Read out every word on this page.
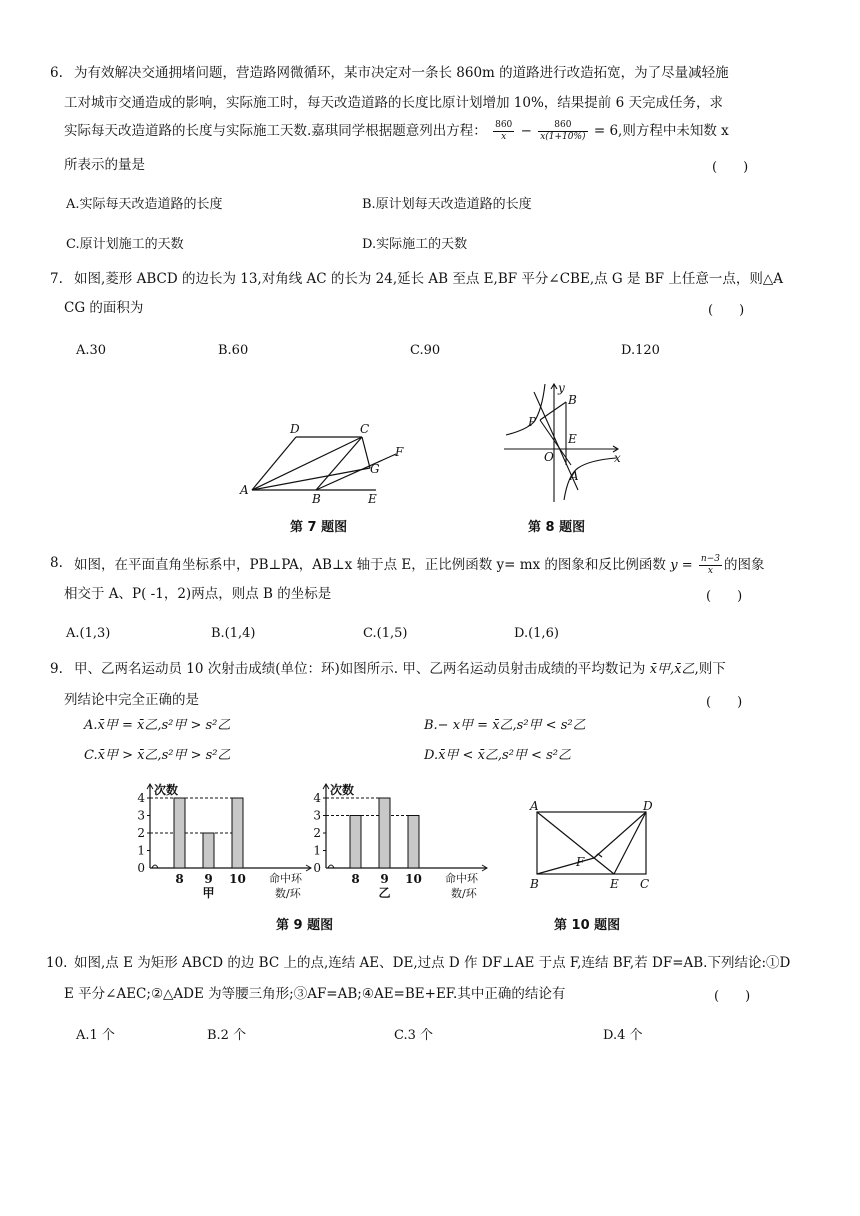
6. 为有效解决交通拥堵问题，营造路网微循环，某市决定对一条长 860m 的道路进行改造拓宽，为了尽量减轻施
工对城市交通造成的影响，实际施工时，每天改造道路的长度比原计划增加 10%，结果提前 6 天完成任务，求
实际每天改造道路的长度与实际施工天数.嘉琪同学根据题意列出方程： $\frac{860}{x} - \frac{860}{x(1+10\%)} = 6$,则方程中未知数 x
所表示的量是	(　　)
A.实际每天改造道路的长度	B.原计划每天改造道路的长度
C.原计划施工的天数	D.实际施工的天数
7. 如图,菱形 ABCD 的边长为 13,对角线 AC 的长为 24,延长 AB 至点 E,BF 平分∠CBE,点 G 是 BF 上任意一点，则△A
CG 的面积为	(　　)
A.30	B.60	C.90	D.120
D	C
F
G
A
B	E
第 7 题图
y
B
P
E
O	x
A
第 8 题图
8. 如图，在平面直角坐标系中，PB⊥PA，AB⊥x 轴于点 E，正比例函数 y= mx 的图象和反比例函数 $y = \frac{n-3}{x}$ 的图象
相交于 A、P( -1，2)两点，则点 B 的坐标是	(　　)
A.(1,3)	B.(1,4)	C.(1,5)	D.(1,6)
9. 甲、乙两名运动员 10 次射击成绩(单位：环)如图所示. 甲、乙两名运动员射击成绩的平均数记为 x̄甲,x̄乙,则下
列结论中完全正确的是	(　　)
A.x̄甲 = x̄乙,s²甲 > s²乙	B.− x甲 = x̄乙,s²甲 < s²乙
C.x̄甲 > x̄乙,s²甲 > s²乙	D.x̄甲 < x̄乙,s²甲 < s²乙
0
1
2
3
4
8 9 10
次数
命中环
数/环
甲
0
1
2
3
4
8 9 10
次数
命中环
数/环
乙
第 9 题图
A	D
F
B	E C
第 10 题图
10. 如图,点 E 为矩形 ABCD 的边 BC 上的点,连结 AE、DE,过点 D 作 DF⊥AE 于点 F,连结 BF,若 DF=AB.下列结论:①D
E 平分∠AEC;②△ADE 为等腰三角形;③AF=AB;④AE=BE+EF.其中正确的结论有	(　　)
A.1 个	B.2 个	C.3 个	D.4 个
